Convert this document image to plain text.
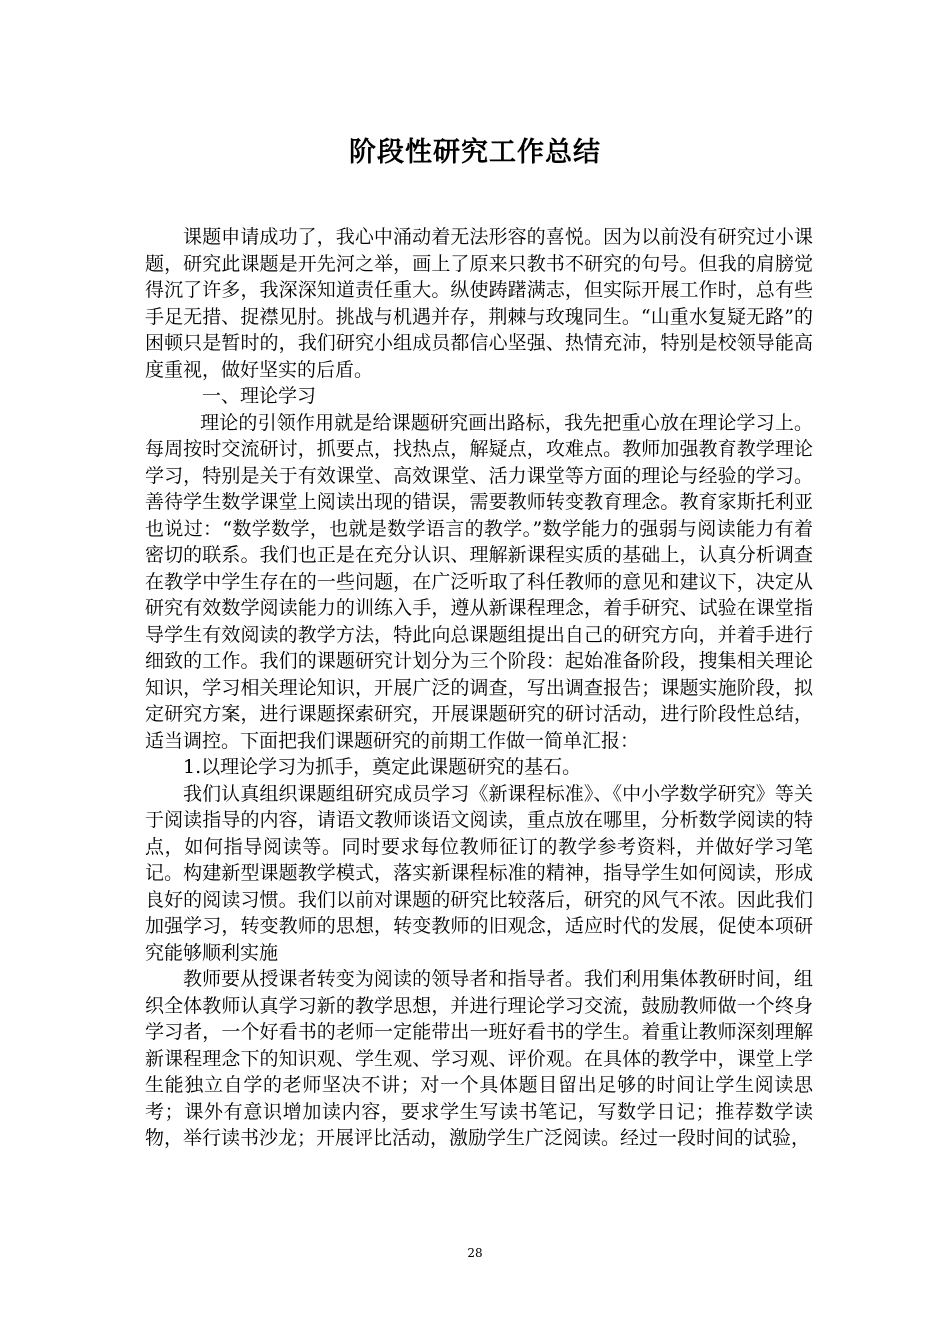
阶段性研究工作总结

课题申请成功了，我心中涌动着无法形容的喜悦。因为以前没有研究过小课题，研究此课题是开先河之举，画上了原来只教书不研究的句号。但我的肩膀觉得沉了许多，我深深知道责任重大。纵使踌躇满志，但实际开展工作时，总有些手足无措、捉襟见肘。挑战与机遇并存，荆棘与玫瑰同生。“山重水复疑无路”的困顿只是暂时的，我们研究小组成员都信心坚强、热情充沛，特别是校领导能高度重视，做好坚实的后盾。

一、理论学习

理论的引领作用就是给课题研究画出路标，我先把重心放在理论学习上。每周按时交流研讨，抓要点，找热点，解疑点，攻难点。教师加强教育教学理论学习，特别是关于有效课堂、高效课堂、活力课堂等方面的理论与经验的学习。善待学生数学课堂上阅读出现的错误，需要教师转变教育理念。教育家斯托利亚也说过：“数学数学，也就是数学语言的教学。”数学能力的强弱与阅读能力有着密切的联系。我们也正是在充分认识、理解新课程实质的基础上，认真分析调查在教学中学生存在的一些问题，在广泛听取了科任教师的意见和建议下，决定从研究有效数学阅读能力的训练入手，遵从新课程理念，着手研究、试验在课堂指导学生有效阅读的教学方法，特此向总课题组提出自己的研究方向，并着手进行细致的工作。我们的课题研究计划分为三个阶段：起始准备阶段，搜集相关理论知识，学习相关理论知识，开展广泛的调查，写出调查报告；课题实施阶段，拟定研究方案，进行课题探索研究，开展课题研究的研讨活动，进行阶段性总结，适当调控。下面把我们课题研究的前期工作做一简单汇报：

1.以理论学习为抓手，奠定此课题研究的基石。

我们认真组织课题组研究成员学习《新课程标准》、《中小学数学研究》等关于阅读指导的内容，请语文教师谈语文阅读，重点放在哪里，分析数学阅读的特点，如何指导阅读等。同时要求每位教师征订的教学参考资料，并做好学习笔记。构建新型课题教学模式，落实新课程标准的精神，指导学生如何阅读，形成良好的阅读习惯。我们以前对课题的研究比较落后，研究的风气不浓。因此我们加强学习，转变教师的思想，转变教师的旧观念，适应时代的发展，促使本项研究能够顺利实施

教师要从授课者转变为阅读的领导者和指导者。我们利用集体教研时间，组织全体教师认真学习新的教学思想，并进行理论学习交流，鼓励教师做一个终身学习者，一个好看书的老师一定能带出一班好看书的学生。着重让教师深刻理解新课程理念下的知识观、学生观、学习观、评价观。在具体的教学中，课堂上学生能独立自学的老师坚决不讲；对一个具体题目留出足够的时间让学生阅读思考；课外有意识增加读内容，要求学生写读书笔记，写数学日记；推荐数学读物，举行读书沙龙；开展评比活动，激励学生广泛阅读。经过一段时间的试验，

28
